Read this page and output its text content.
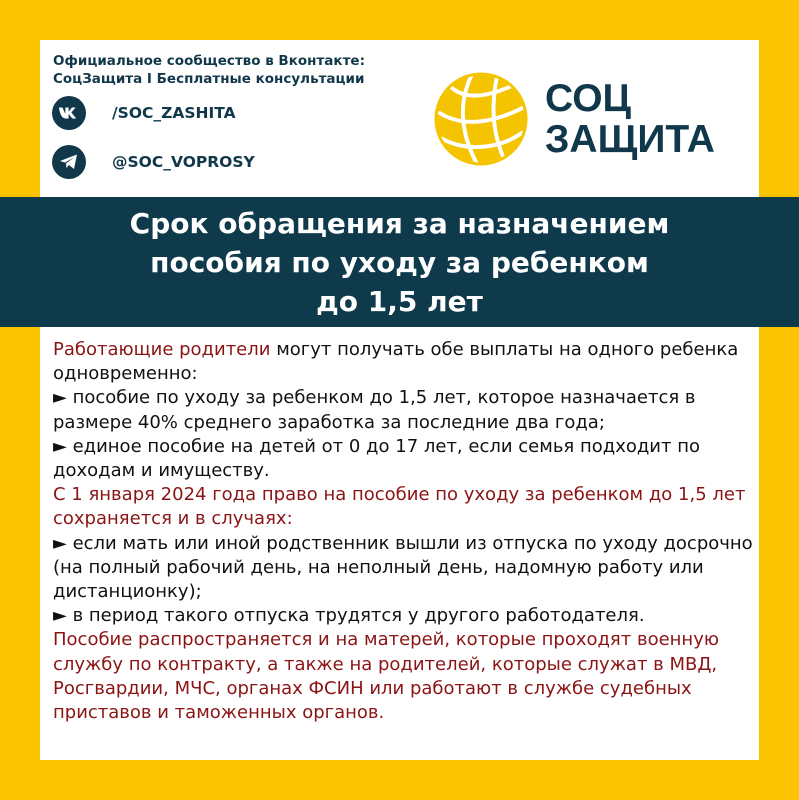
Официальное сообщество в Вконтакте:
СоцЗащита I Бесплатные консультации
/SOC_ZASHITA
@SOC_VOPROSY
СОЦ
ЗАЩИТА
Срок обращения за назначением
пособия по уходу за ребенком
до 1,5 лет

Работающие родители могут получать обе выплаты на одного ребенка одновременно:

► пособие по уходу за ребенком до 1,5 лет, которое назначается в размере 40% среднего заработка за последние два года;

► единое пособие на детей от 0 до 17 лет, если семья подходит по доходам и имуществу.

С 1 января 2024 года право на пособие по уходу за ребенком до 1,5 лет сохраняется и в случаях:

► если мать или иной родственник вышли из отпуска по уходу досрочно (на полный рабочий день, на неполный день, надомную работу или дистанционку);

► в период такого отпуска трудятся у другого работодателя.

Пособие распространяется и на матерей, которые проходят военную службу по контракту, а также на родителей, которые служат в МВД, Росгвардии, МЧС, органах ФСИН или работают в службе судебных приставов и таможенных органов.
